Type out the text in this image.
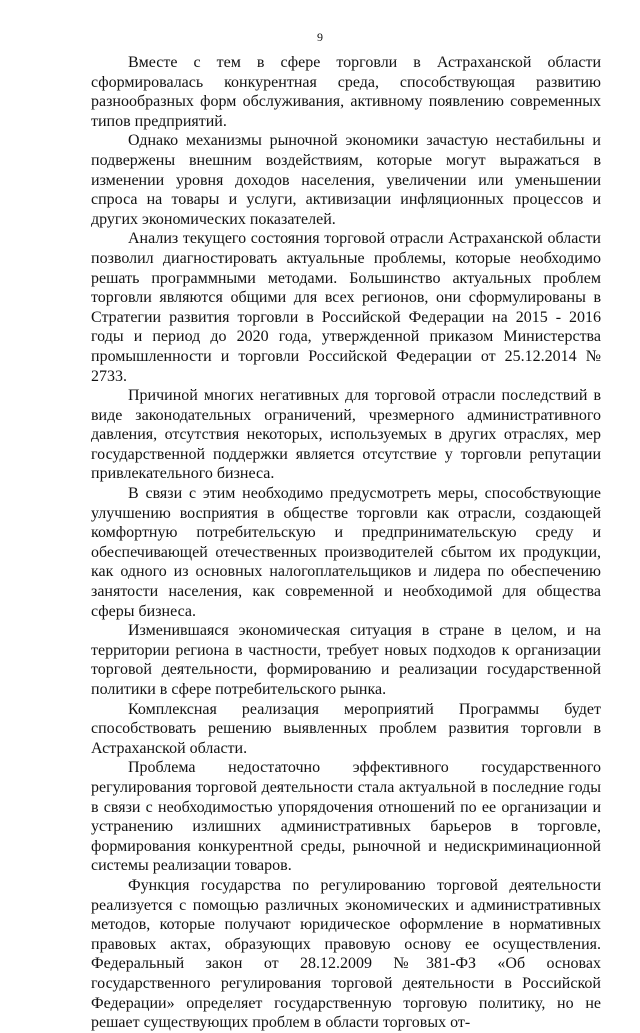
9

Вместе с тем в сфере торговли в Астраханской области сформировалась конкурентная среда, способствующая развитию разнообразных форм обслуживания, активному появлению современных типов предприятий.

Однако механизмы рыночной экономики зачастую нестабильны и подвержены внешним воздействиям, которые могут выражаться в изменении уровня доходов населения, увеличении или уменьшении спроса на товары и услуги, активизации инфляционных процессов и других экономических показателей.

Анализ текущего состояния торговой отрасли Астраханской области позволил диагностировать актуальные проблемы, которые необходимо решать программными методами. Большинство актуальных проблем торговли являются общими для всех регионов, они сформулированы в Стратегии развития торговли в Российской Федерации на 2015 - 2016 годы и период до 2020 года, утвержденной приказом Министерства промышленности и торговли Российской Федерации от 25.12.2014 № 2733.

Причиной многих негативных для торговой отрасли последствий в виде законодательных ограничений, чрезмерного административного давления, отсутствия некоторых, используемых в других отраслях, мер государственной поддержки является отсутствие у торговли репутации привлекательного бизнеса.

В связи с этим необходимо предусмотреть меры, способствующие улучшению восприятия в обществе торговли как отрасли, создающей комфортную потребительскую и предпринимательскую среду и обеспечивающей отечественных производителей сбытом их продукции, как одного из основных налогоплательщиков и лидера по обеспечению занятости населения, как современной и необходимой для общества сферы бизнеса.

Изменившаяся экономическая ситуация в стране в целом, и на территории региона в частности, требует новых подходов к организации торговой деятельности, формированию и реализации государственной политики в сфере потребительского рынка.

Комплексная реализация мероприятий Программы будет способствовать решению выявленных проблем развития торговли в Астраханской области.

Проблема недостаточно эффективного государственного регулирования торговой деятельности стала актуальной в последние годы в связи с необходимостью упорядочения отношений по ее организации и устранению излишних административных барьеров в торговле, формирования конкурентной среды, рыночной и недискриминационной системы реализации товаров.

Функция государства по регулированию торговой деятельности реализуется с помощью различных экономических и административных методов, которые получают юридическое оформление в нормативных правовых актах, образующих правовую основу ее осуществления. Федеральный закон от 28.12.2009 №381-ФЗ «Об основах государственного регулирования торговой деятельности в Российской Федерации» определяет государственную торговую политику, но не решает существующих проблем в области торговых от-
